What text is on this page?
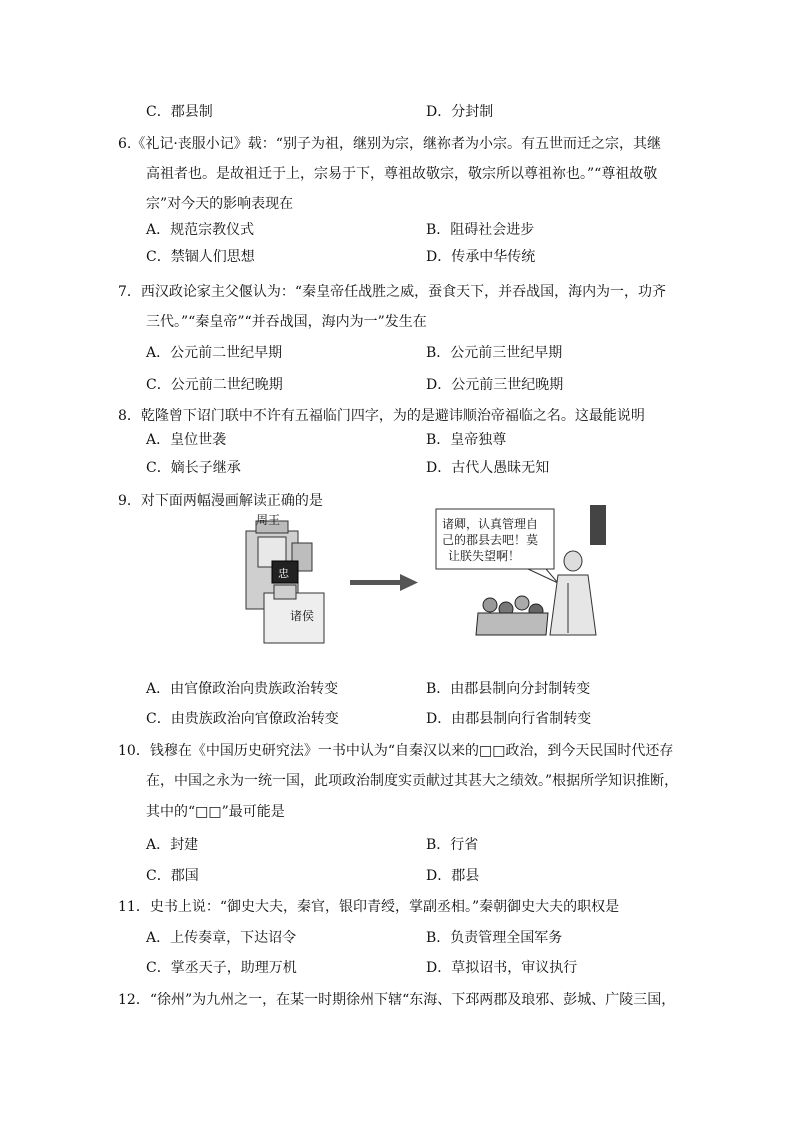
C．郡县制	D．分封制
6.《礼记·丧服小记》载：“别子为祖，继别为宗，继祢者为小宗。有五世而迁之宗，其继
高祖者也。是故祖迁于上，宗易于下，尊祖故敬宗，敬宗所以尊祖祢也。”“尊祖故敬
宗”对今天的影响表现在
A．规范宗教仪式	B．阻碍社会进步
C．禁锢人们思想	D．传承中华传统
7．西汉政论家主父偃认为：“秦皇帝任战胜之威，蚕食天下，并吞战国，海内为一，功齐
三代。”“秦皇帝”“并吞战国，海内为一”发生在
A．公元前二世纪早期	B．公元前三世纪早期
C．公元前二世纪晚期	D．公元前三世纪晚期
8．乾隆曾下诏门联中不许有五福临门四字，为的是避讳顺治帝福临之名。这最能说明
A．皇位世袭	B．皇帝独尊
C．嫡长子继承	D．古代人愚昧无知
9．对下面两幅漫画解读正确的是
周王
忠
诸侯
诸卿，认真管理自
己的郡县去吧！莫
让朕失望啊！
A．由官僚政治向贵族政治转变	B．由郡县制向分封制转变
C．由贵族政治向官僚政治转变	D．由郡县制向行省制转变
10．钱穆在《中国历史研究法》一书中认为“自秦汉以来的□□政治，到今天民国时代还存
在，中国之永为一统一国，此项政治制度实贡献过其甚大之绩效。”根据所学知识推断，
其中的“□□”最可能是
A．封建	B．行省
C．郡国	D．郡县
11．史书上说：“御史大夫，秦官，银印青绶，掌副丞相。”秦朝御史大夫的职权是
A．上传奏章，下达诏令	B．负责管理全国军务
C．掌丞天子，助理万机	D．草拟诏书，审议执行
12．“徐州”为九州之一，在某一时期徐州下辖“东海、下邳两郡及琅邪、彭城、广陵三国，
